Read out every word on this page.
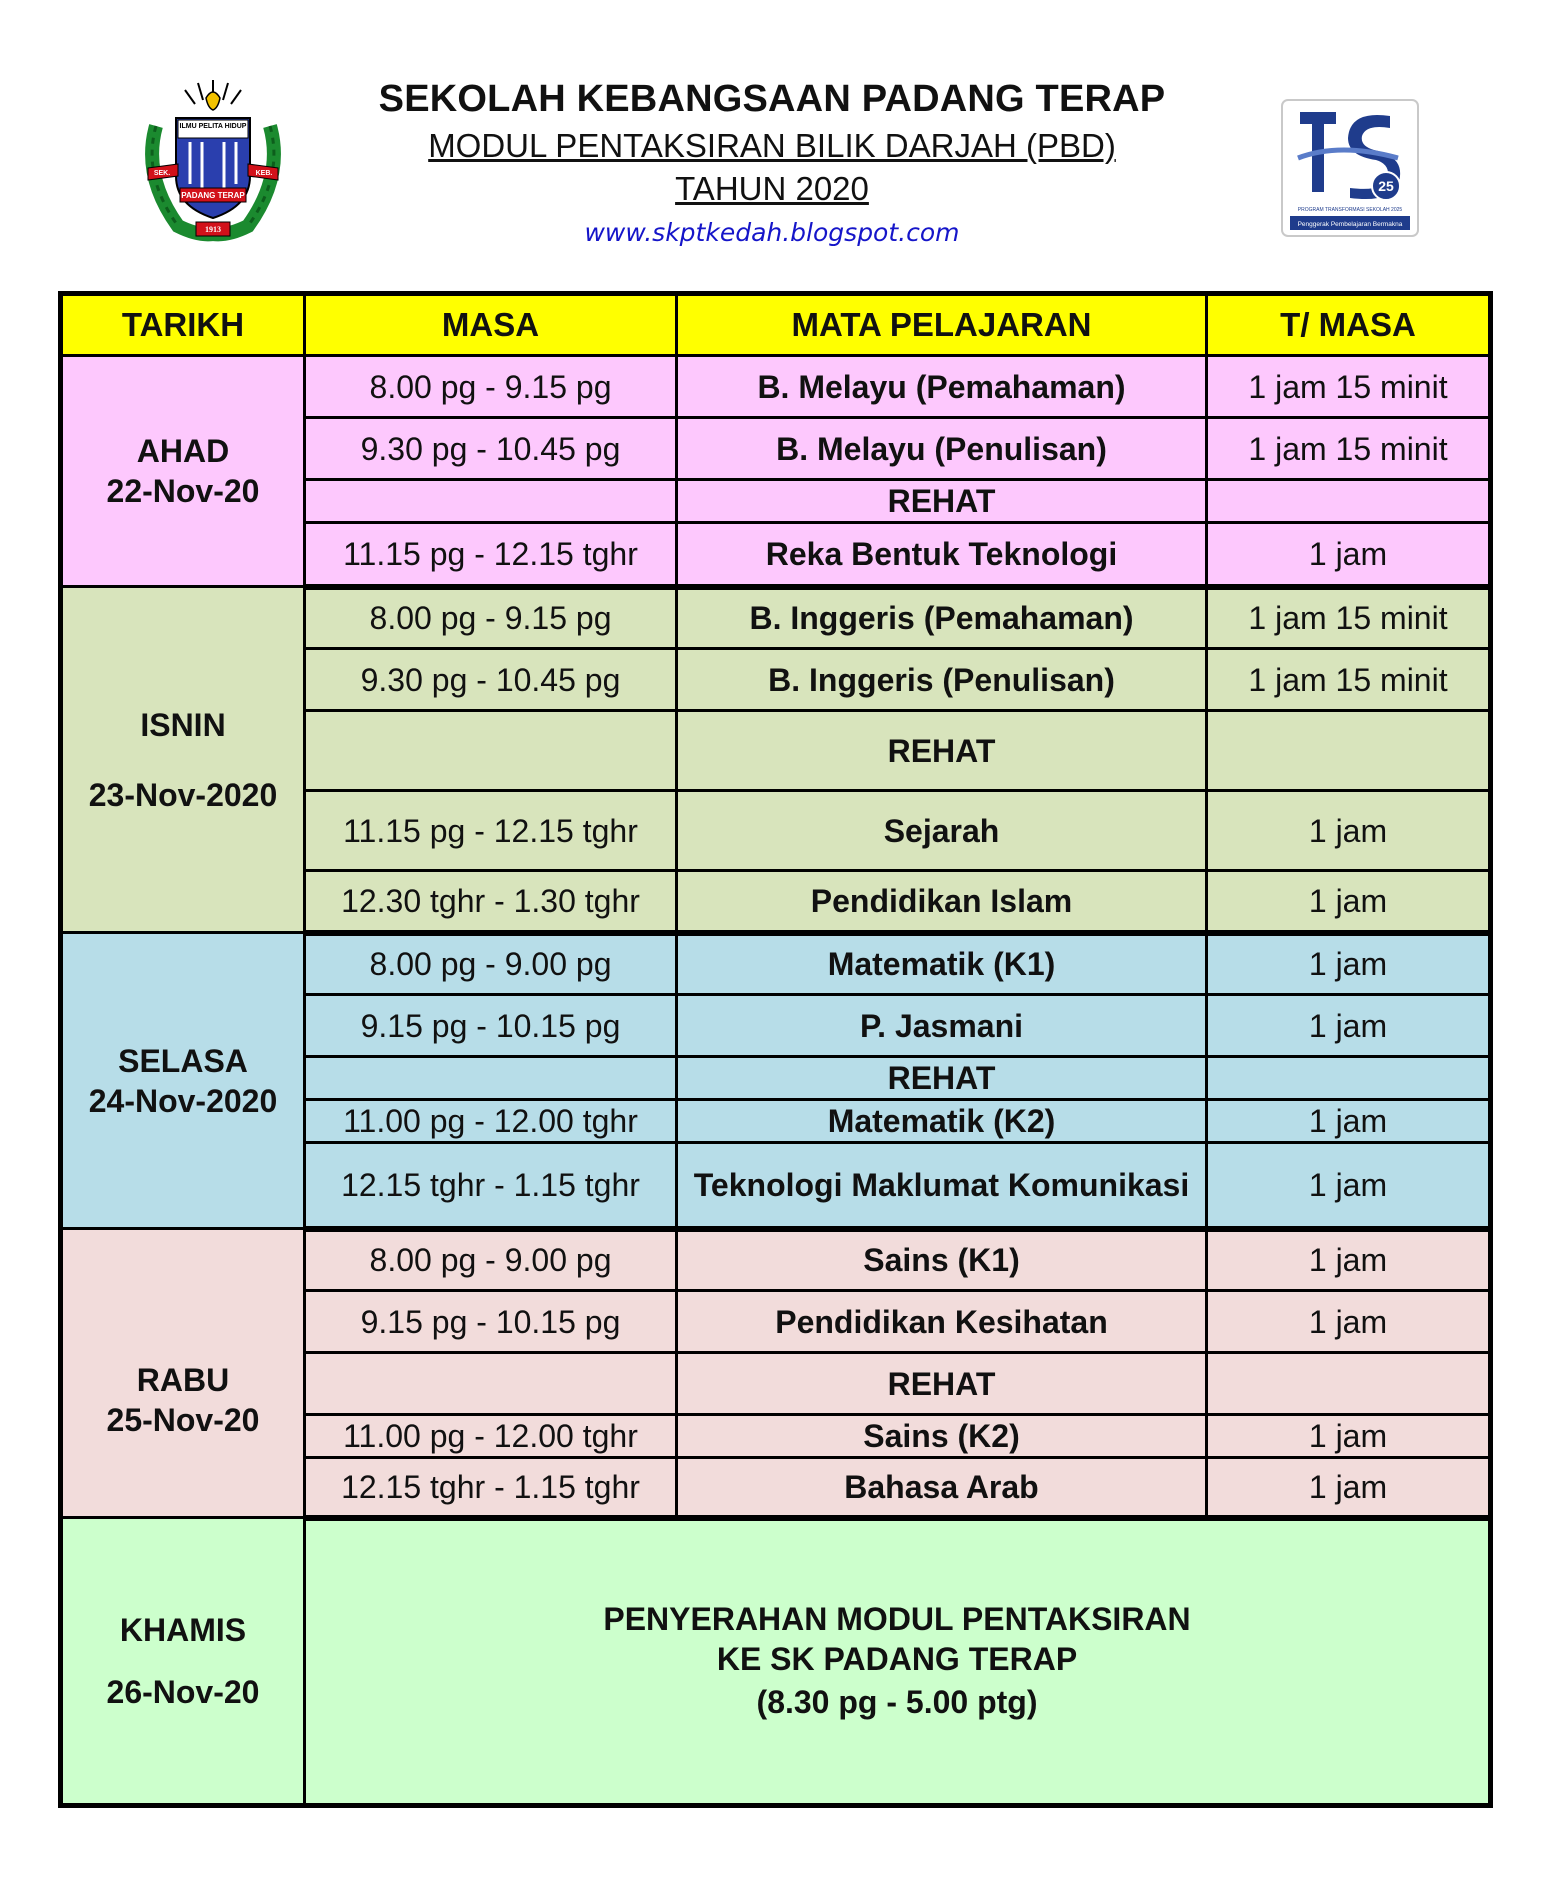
ILMU PELITA HIDUP
SEK.	KEB.
PADANG TERAP
1913
SEKOLAH KEBANGSAAN PADANG TERAP
MODUL PENTAKSIRAN BILIK DARJAH (PBD)
TAHUN 2020
www.skptkedah.blogspot.com
25
PROGRAM TRANSFORMASI SEKOLAH 2025
Penggerak Pembelajaran Bermakna
TARIKH	MASA	MATA PELAJARAN	T/ MASA
AHAD
22-Nov-20	8.00 pg - 9.15 pg	B. Melayu (Pemahaman)	1 jam 15 minit
	9.30 pg - 10.45 pg	B. Melayu (Penulisan)	1 jam 15 minit
		REHAT	
	11.15 pg - 12.15 tghr	Reka Bentuk Teknologi	1 jam
ISNIN
23-Nov-2020	8.00 pg - 9.15 pg	B. Inggeris (Pemahaman)	1 jam 15 minit
	9.30 pg - 10.45 pg	B. Inggeris (Penulisan)	1 jam 15 minit
		REHAT	
	11.15 pg - 12.15 tghr	Sejarah	1 jam
	12.30 tghr - 1.30 tghr	Pendidikan Islam	1 jam
SELASA
24-Nov-2020	8.00 pg - 9.00 pg	Matematik (K1)	1 jam
	9.15 pg - 10.15 pg	P. Jasmani	1 jam
		REHAT	
	11.00 pg - 12.00 tghr	Matematik (K2)	1 jam
	12.15 tghr - 1.15 tghr	Teknologi Maklumat Komunikasi	1 jam
RABU
25-Nov-20	8.00 pg - 9.00 pg	Sains (K1)	1 jam
	9.15 pg - 10.15 pg	Pendidikan Kesihatan	1 jam
		REHAT	
	11.00 pg - 12.00 tghr	Sains (K2)	1 jam
	12.15 tghr - 1.15 tghr	Bahasa Arab	1 jam
KHAMIS
26-Nov-20	PENYERAHAN MODUL PENTAKSIRAN
KE SK PADANG TERAP
(8.30 pg - 5.00 ptg)		
